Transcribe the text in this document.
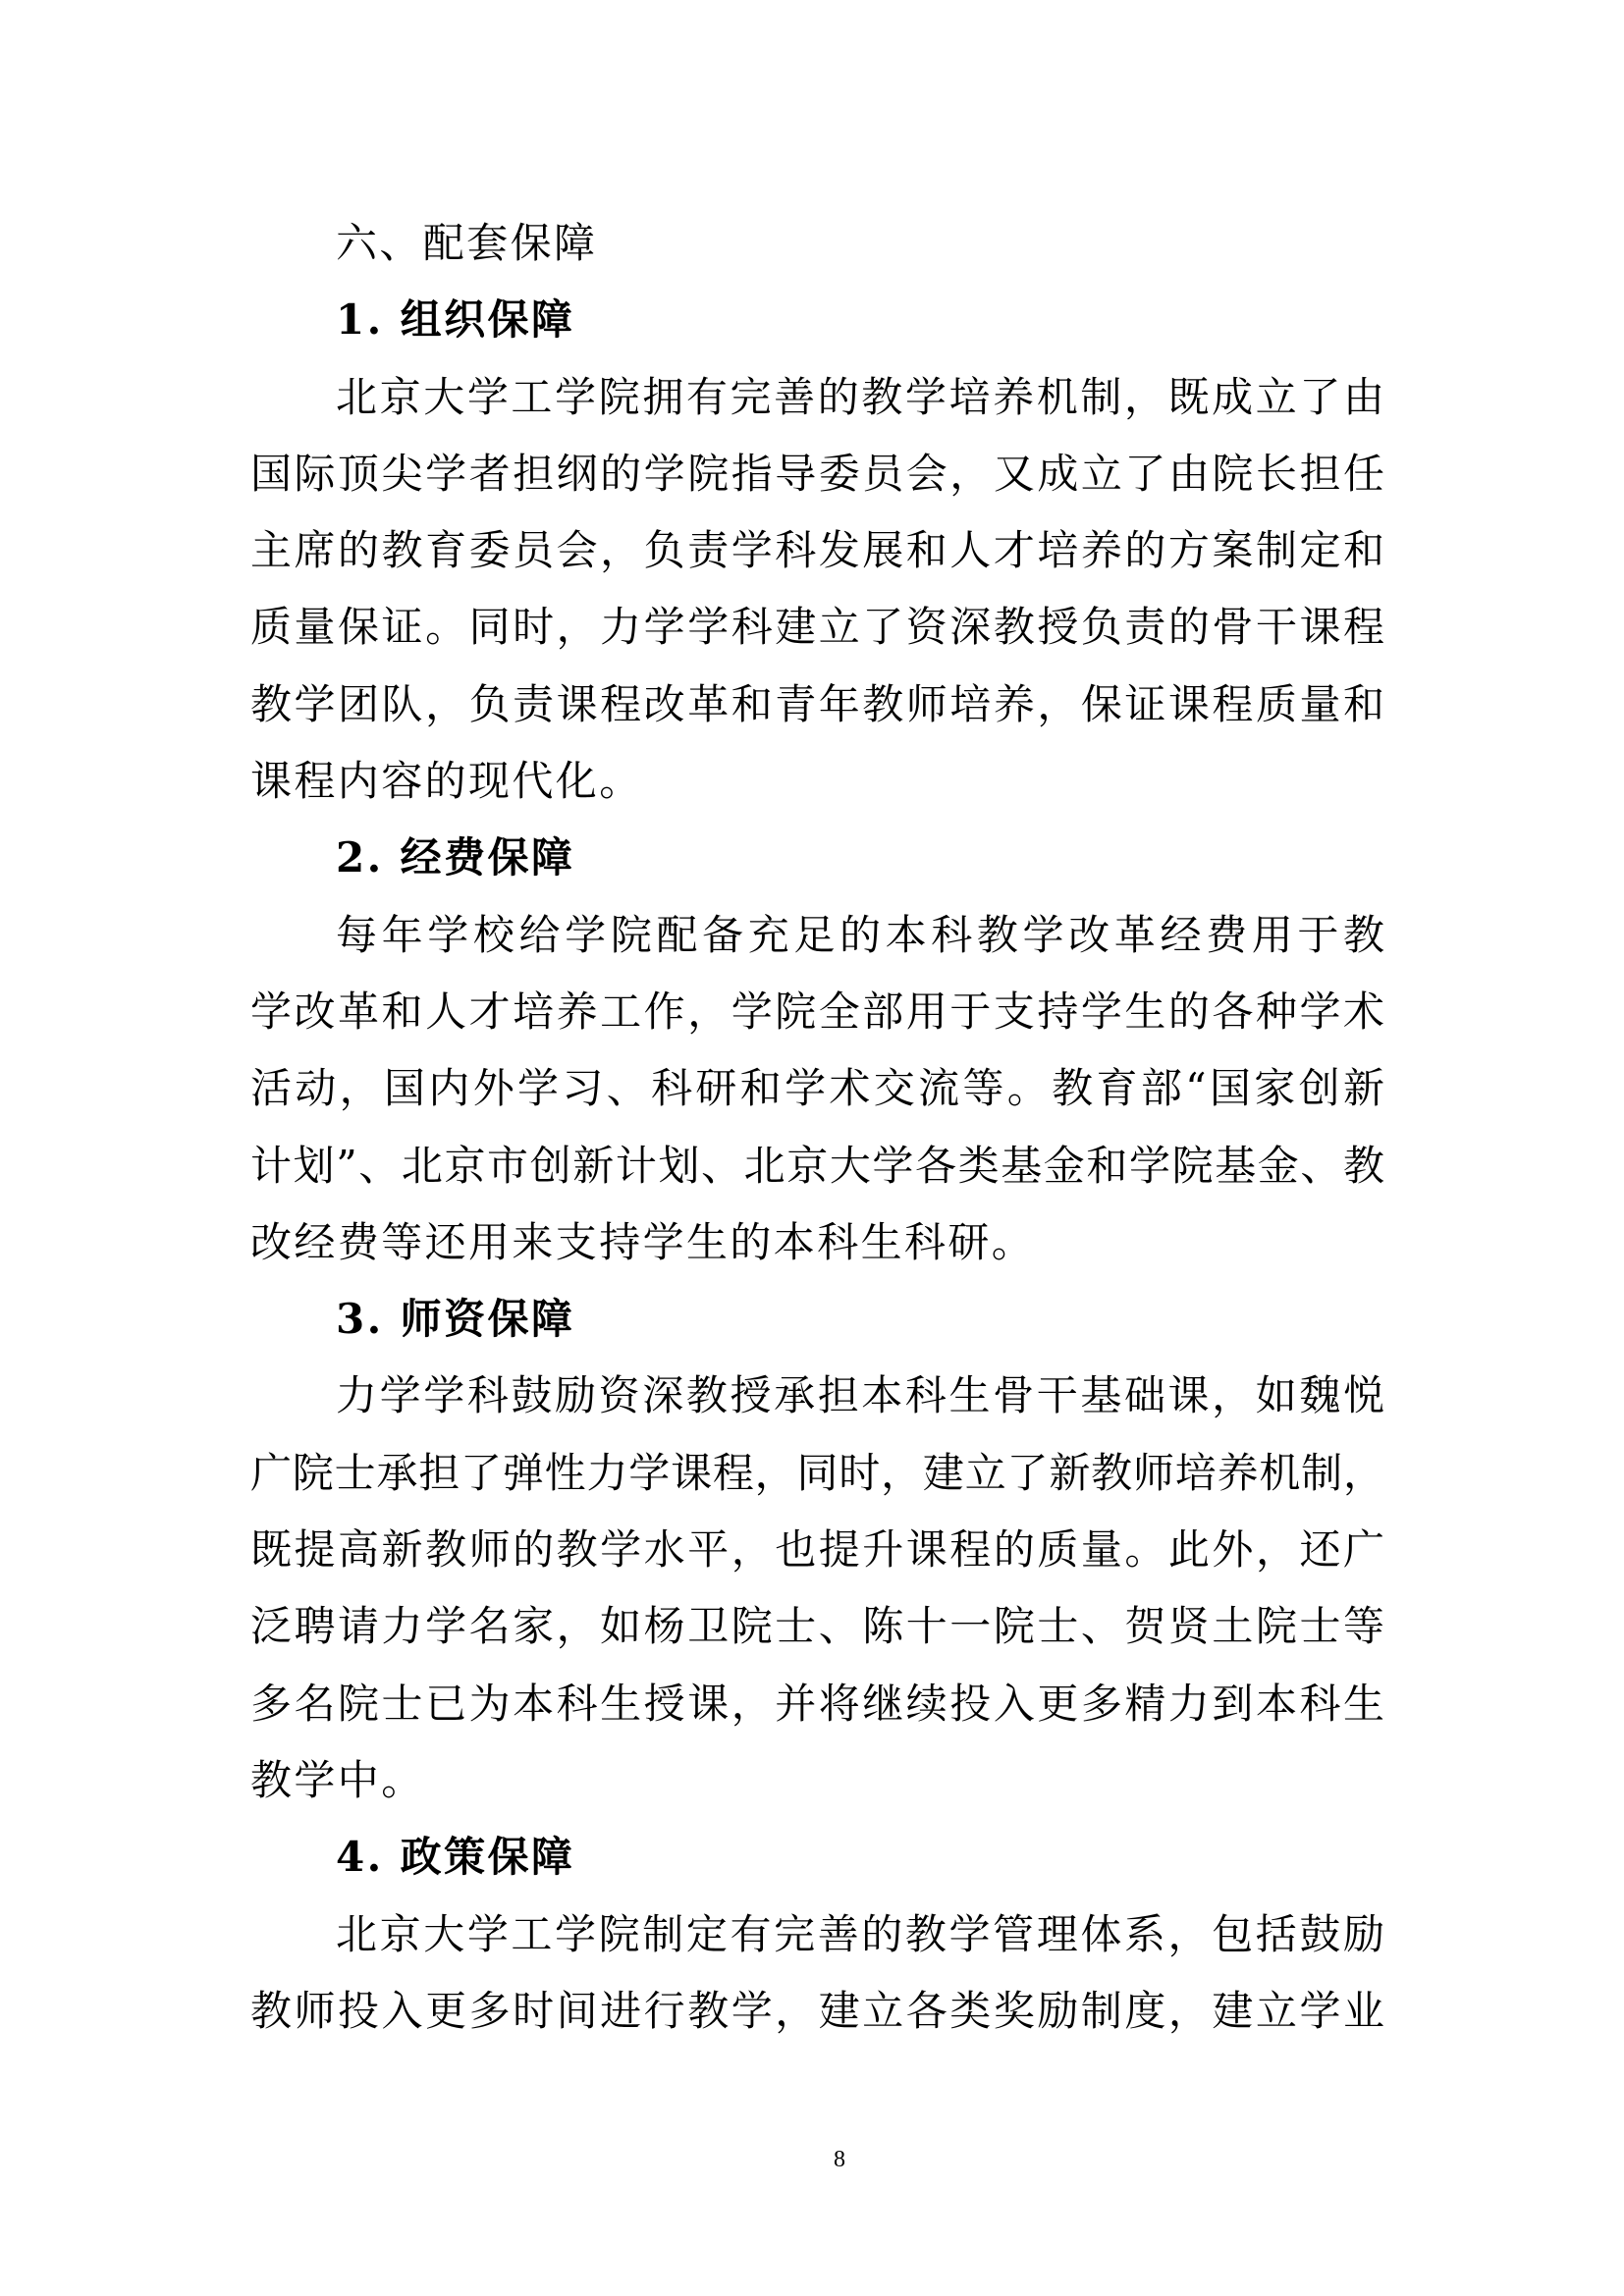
六、配套保障
1. 组织保障
北京大学工学院拥有完善的教学培养机制，既成立了由
国际顶尖学者担纲的学院指导委员会，又成立了由院长担任
主席的教育委员会，负责学科发展和人才培养的方案制定和
质量保证。同时，力学学科建立了资深教授负责的骨干课程
教学团队，负责课程改革和青年教师培养，保证课程质量和
课程内容的现代化。
2. 经费保障
每年学校给学院配备充足的本科教学改革经费用于教
学改革和人才培养工作，学院全部用于支持学生的各种学术
活动，国内外学习、科研和学术交流等。教育部“国家创新
计划”、北京市创新计划、北京大学各类基金和学院基金、教
改经费等还用来支持学生的本科生科研。
3. 师资保障
力学学科鼓励资深教授承担本科生骨干基础课，如魏悦
广院士承担了弹性力学课程，同时，建立了新教师培养机制，
既提高新教师的教学水平，也提升课程的质量。此外，还广
泛聘请力学名家，如杨卫院士、陈十一院士、贺贤土院士等
多名院士已为本科生授课，并将继续投入更多精力到本科生
教学中。
4. 政策保障
北京大学工学院制定有完善的教学管理体系，包括鼓励
教师投入更多时间进行教学，建立各类奖励制度，建立学业
8
